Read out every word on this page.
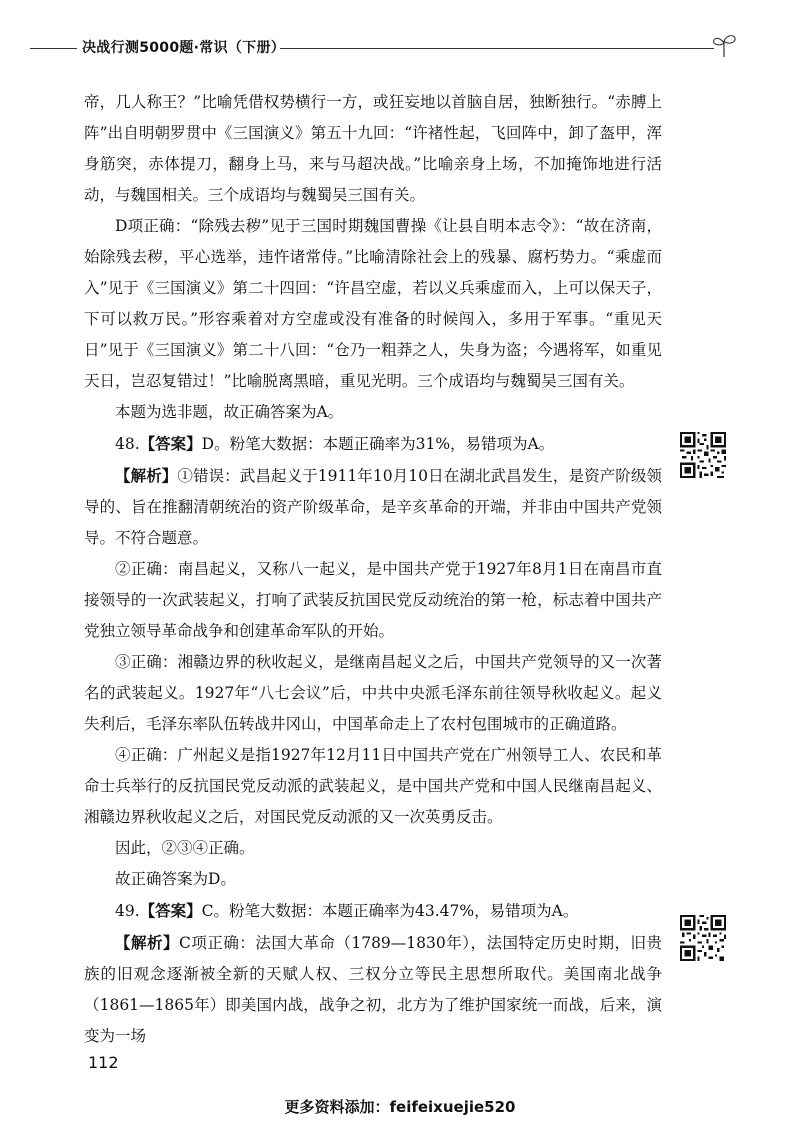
决战行测5000题·常识（下册）

帝，几人称王？”比喻凭借权势横行一方，或狂妄地以首脑自居，独断独行。“赤膊上阵”出自明朝罗贯中《三国演义》第五十九回：“许褚性起，飞回阵中，卸了盔甲，浑身筋突，赤体提刀，翻身上马，来与马超决战。”比喻亲身上场，不加掩饰地进行活动，与魏国相关。三个成语均与魏蜀吴三国有关。

D项正确：“除残去秽”见于三国时期魏国曹操《让县自明本志令》：“故在济南，始除残去秽，平心选举，违忤诸常侍。”比喻清除社会上的残暴、腐朽势力。“乘虚而入”见于《三国演义》第二十四回：“许昌空虚，若以义兵乘虚而入，上可以保天子，下可以救万民。”形容乘着对方空虚或没有准备的时候闯入，多用于军事。“重见天日”见于《三国演义》第二十八回：“仓乃一粗莽之人，失身为盗；今遇将军，如重见天日，岂忍复错过！”比喻脱离黑暗，重见光明。三个成语均与魏蜀吴三国有关。

本题为选非题，故正确答案为A。

48.【答案】D。粉笔大数据：本题正确率为31%，易错项为A。

【解析】①错误：武昌起义于1911年10月10日在湖北武昌发生，是资产阶级领导的、旨在推翻清朝统治的资产阶级革命，是辛亥革命的开端，并非由中国共产党领导。不符合题意。

②正确：南昌起义，又称八一起义，是中国共产党于1927年8月1日在南昌市直接领导的一次武装起义，打响了武装反抗国民党反动统治的第一枪，标志着中国共产党独立领导革命战争和创建革命军队的开始。

③正确：湘赣边界的秋收起义，是继南昌起义之后，中国共产党领导的又一次著名的武装起义。1927年“八七会议”后，中共中央派毛泽东前往领导秋收起义。起义失利后，毛泽东率队伍转战井冈山，中国革命走上了农村包围城市的正确道路。

④正确：广州起义是指1927年12月11日中国共产党在广州领导工人、农民和革命士兵举行的反抗国民党反动派的武装起义，是中国共产党和中国人民继南昌起义、湘赣边界秋收起义之后，对国民党反动派的又一次英勇反击。

因此，②③④正确。

故正确答案为D。

49.【答案】C。粉笔大数据：本题正确率为43.47%，易错项为A。

【解析】C项正确：法国大革命（1789—1830年），法国特定历史时期，旧贵族的旧观念逐渐被全新的天赋人权、三权分立等民主思想所取代。美国南北战争（1861—1865年）即美国内战，战争之初，北方为了维护国家统一而战，后来，演变为一场

112
更多资料添加：feifeixuejie520
